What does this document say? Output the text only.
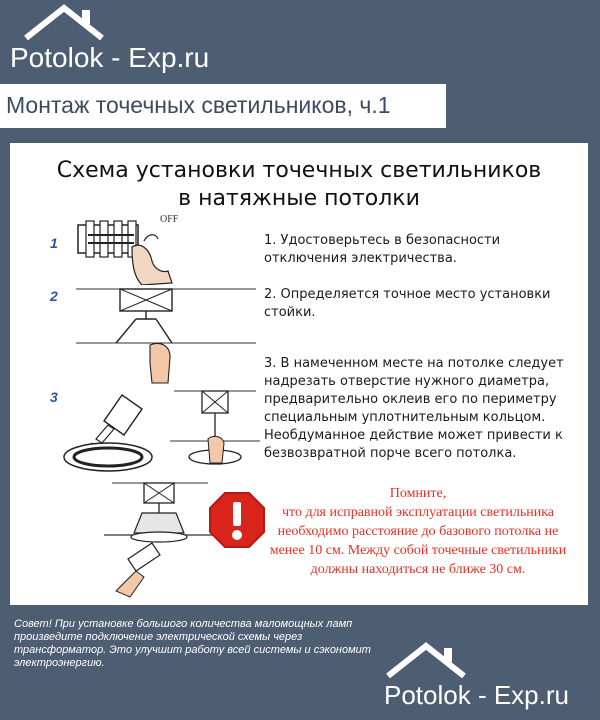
Potolok - Exp.ru
Монтаж точечных светильников, ч.1
Схема установки точечных светильников
в натяжные потолки
1
2
3
1. Удостоверьтесь в безопасности отключения электричества.
2. Определяется точное место установки стойки.
3. В намеченном месте на потолке следует надрезать отверстие нужного диаметра, предварительно оклеив его по периметру специальным уплотнительным кольцом. Необдуманное действие может привести к безвозвратной порче всего потолка.
OFF
Помните,
что для исправной эксплуатации светильника необходимо расстояние до базового потолка не менее 10 см. Между собой точечные светильники должны находиться не ближе 30 см.
Совет! При установке большого количества маломощных ламп произведите подключение электрической схемы через трансформатор. Это улучшит работу всей системы и сэкономит электроэнергию.
Potolok - Exp.ru
